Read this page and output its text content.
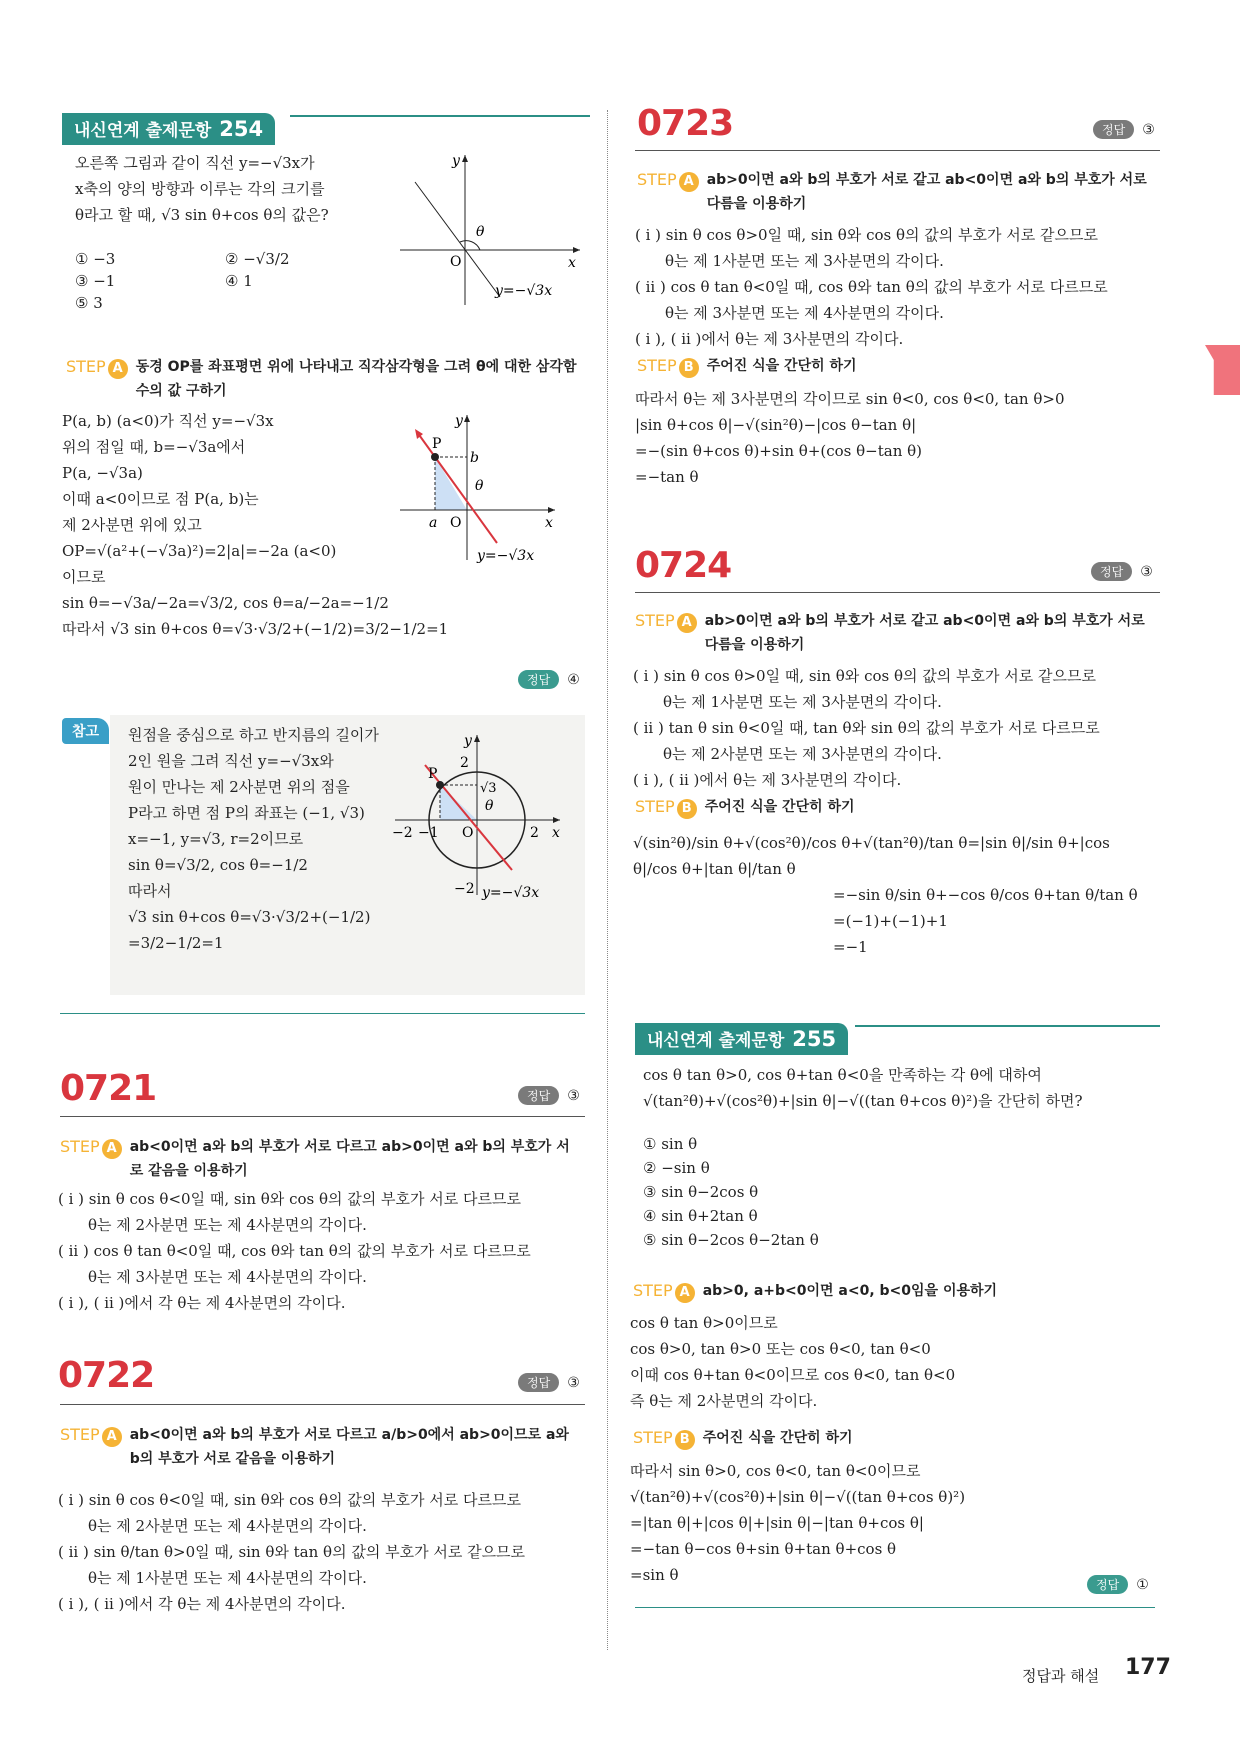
내신연계 출제문항 254
오른쪽 그림과 같이 직선 y=−√3x가
x축의 양의 방향과 이루는 각의 크기를
θ라고 할 때, √3 sin θ+cos θ의 값은?
① −3	② −√3/2
③ −1	④ 1
⑤ 3
y
x
O
θ
y=−√3x
STEP A 동경 OP를 좌표평면 위에 나타내고 직각삼각형을 그려 θ에 대한 삼각함수의 값 구하기
P(a, b) (a<0)가 직선 y=−√3x
위의 점일 때, b=−√3a에서
P(a, −√3a)
이때 a<0이므로 점 P(a, b)는
제 2사분면 위에 있고
OP=√(a²+(−√3a)²)=2|a|=−2a (a<0)
이므로
sin θ=−√3a/−2a=√3/2, cos θ=a/−2a=−1/2
따라서 √3 sin θ+cos θ=√3·√3/2+(−1/2)=3/2−1/2=1
P
b
θ
a O	x
y
y=−√3x
정답	④
참고	원점을 중심으로 하고 반지름의 길이가
2인 원을 그려 직선 y=−√3x와
원이 만나는 제 2사분면 위의 점을
P라고 하면 점 P의 좌표는 (−1, √3)
x=−1, y=√3, r=2이므로
sin θ=√3/2, cos θ=−1/2
따라서
√3 sin θ+cos θ=√3·√3/2+(−1/2)
=3/2−1/2=1
P
2
√3
θ
−2 −1 O	2 x
y
−2 y=−√3x
0721	정답	③
STEP A ab<0이면 a와 b의 부호가 서로 다르고 ab>0이면 a와 b의 부호가 서로 같음을 이용하기
( i ) sin θ cos θ<0일 때, sin θ와 cos θ의 값의 부호가 서로 다르므로
θ는 제 2사분면 또는 제 4사분면의 각이다.
( ii ) cos θ tan θ<0일 때, cos θ와 tan θ의 값의 부호가 서로 다르므로
θ는 제 3사분면 또는 제 4사분면의 각이다.
( i ), ( ii )에서 각 θ는 제 4사분면의 각이다.
0722	정답	③
STEP A ab<0이면 a와 b의 부호가 서로 다르고 a/b>0에서 ab>0이므로 a와 b의 부호가 서로 같음을 이용하기
( i ) sin θ cos θ<0일 때, sin θ와 cos θ의 값의 부호가 서로 다르므로
θ는 제 2사분면 또는 제 4사분면의 각이다.
( ii ) sin θ/tan θ>0일 때, sin θ와 tan θ의 값의 부호가 서로 같으므로
θ는 제 1사분면 또는 제 4사분면의 각이다.
( i ), ( ii )에서 각 θ는 제 4사분면의 각이다.
0723	정답	③
STEP A ab>0이면 a와 b의 부호가 서로 같고 ab<0이면 a와 b의 부호가 서로 다름을 이용하기
( i ) sin θ cos θ>0일 때, sin θ와 cos θ의 값의 부호가 서로 같으므로
θ는 제 1사분면 또는 제 3사분면의 각이다.
( ii ) cos θ tan θ<0일 때, cos θ와 tan θ의 값의 부호가 서로 다르므로
θ는 제 3사분면 또는 제 4사분면의 각이다.
( i ), ( ii )에서 θ는 제 3사분면의 각이다.
STEP B 주어진 식을 간단히 하기
따라서 θ는 제 3사분면의 각이므로 sin θ<0, cos θ<0, tan θ>0
|sin θ+cos θ|−√(sin²θ)−|cos θ−tan θ|
=−(sin θ+cos θ)+sin θ+(cos θ−tan θ)
=−tan θ
0724	정답	③
STEP A ab>0이면 a와 b의 부호가 서로 같고 ab<0이면 a와 b의 부호가 서로 다름을 이용하기
( i ) sin θ cos θ>0일 때, sin θ와 cos θ의 값의 부호가 서로 같으므로
θ는 제 1사분면 또는 제 3사분면의 각이다.
( ii ) tan θ sin θ<0일 때, tan θ와 sin θ의 값의 부호가 서로 다르므로
θ는 제 2사분면 또는 제 3사분면의 각이다.
( i ), ( ii )에서 θ는 제 3사분면의 각이다.
STEP B 주어진 식을 간단히 하기
√(sin²θ)/sin θ+√(cos²θ)/cos θ+√(tan²θ)/tan θ=|sin θ|/sin θ+|cos θ|/cos θ+|tan θ|/tan θ
=−sin θ/sin θ+−cos θ/cos θ+tan θ/tan θ
=(−1)+(−1)+1
=−1
내신연계 출제문항 255
cos θ tan θ>0, cos θ+tan θ<0을 만족하는 각 θ에 대하여
√(tan²θ)+√(cos²θ)+|sin θ|−√((tan θ+cos θ)²)을 간단히 하면?
① sin θ
② −sin θ
③ sin θ−2cos θ
④ sin θ+2tan θ
⑤ sin θ−2cos θ−2tan θ
STEP A ab>0, a+b<0이면 a<0, b<0임을 이용하기
cos θ tan θ>0이므로
cos θ>0, tan θ>0 또는 cos θ<0, tan θ<0
이때 cos θ+tan θ<0이므로 cos θ<0, tan θ<0
즉 θ는 제 2사분면의 각이다.
STEP B 주어진 식을 간단히 하기
따라서 sin θ>0, cos θ<0, tan θ<0이므로
√(tan²θ)+√(cos²θ)+|sin θ|−√((tan θ+cos θ)²)
=|tan θ|+|cos θ|+|sin θ|−|tan θ+cos θ|
=−tan θ−cos θ+sin θ+tan θ+cos θ
=sin θ
정답	①
정답과 해설 177
